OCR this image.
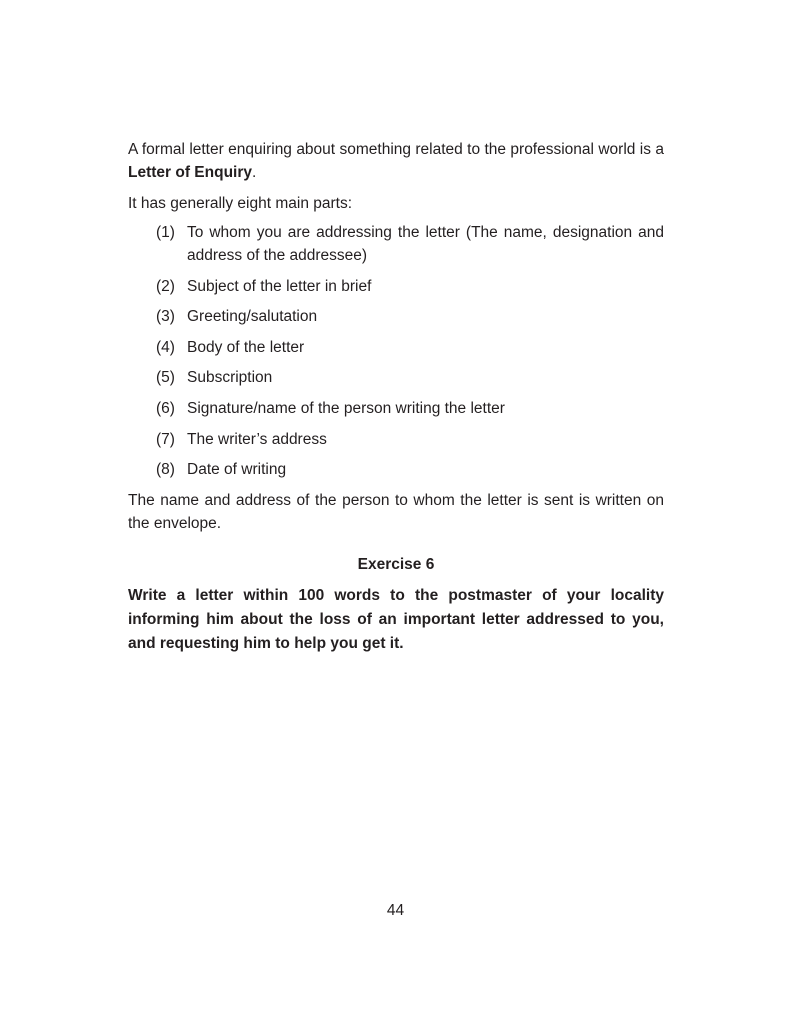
A formal letter enquiring about something related to the professional world is a Letter of Enquiry.

It has generally eight main parts:

(1) To whom you are addressing the letter (The name, designation and address of the addressee)
(2) Subject of the letter in brief
(3) Greeting/salutation
(4) Body of the letter
(5) Subscription
(6) Signature/name of the person writing the letter
(7) The writer’s address
(8) Date of writing

The name and address of the person to whom the letter is sent is written on the envelope.

Exercise 6

Write a letter within 100 words to the postmaster of your locality informing him about the loss of an important letter addressed to you, and requesting him to help you get it.

44
